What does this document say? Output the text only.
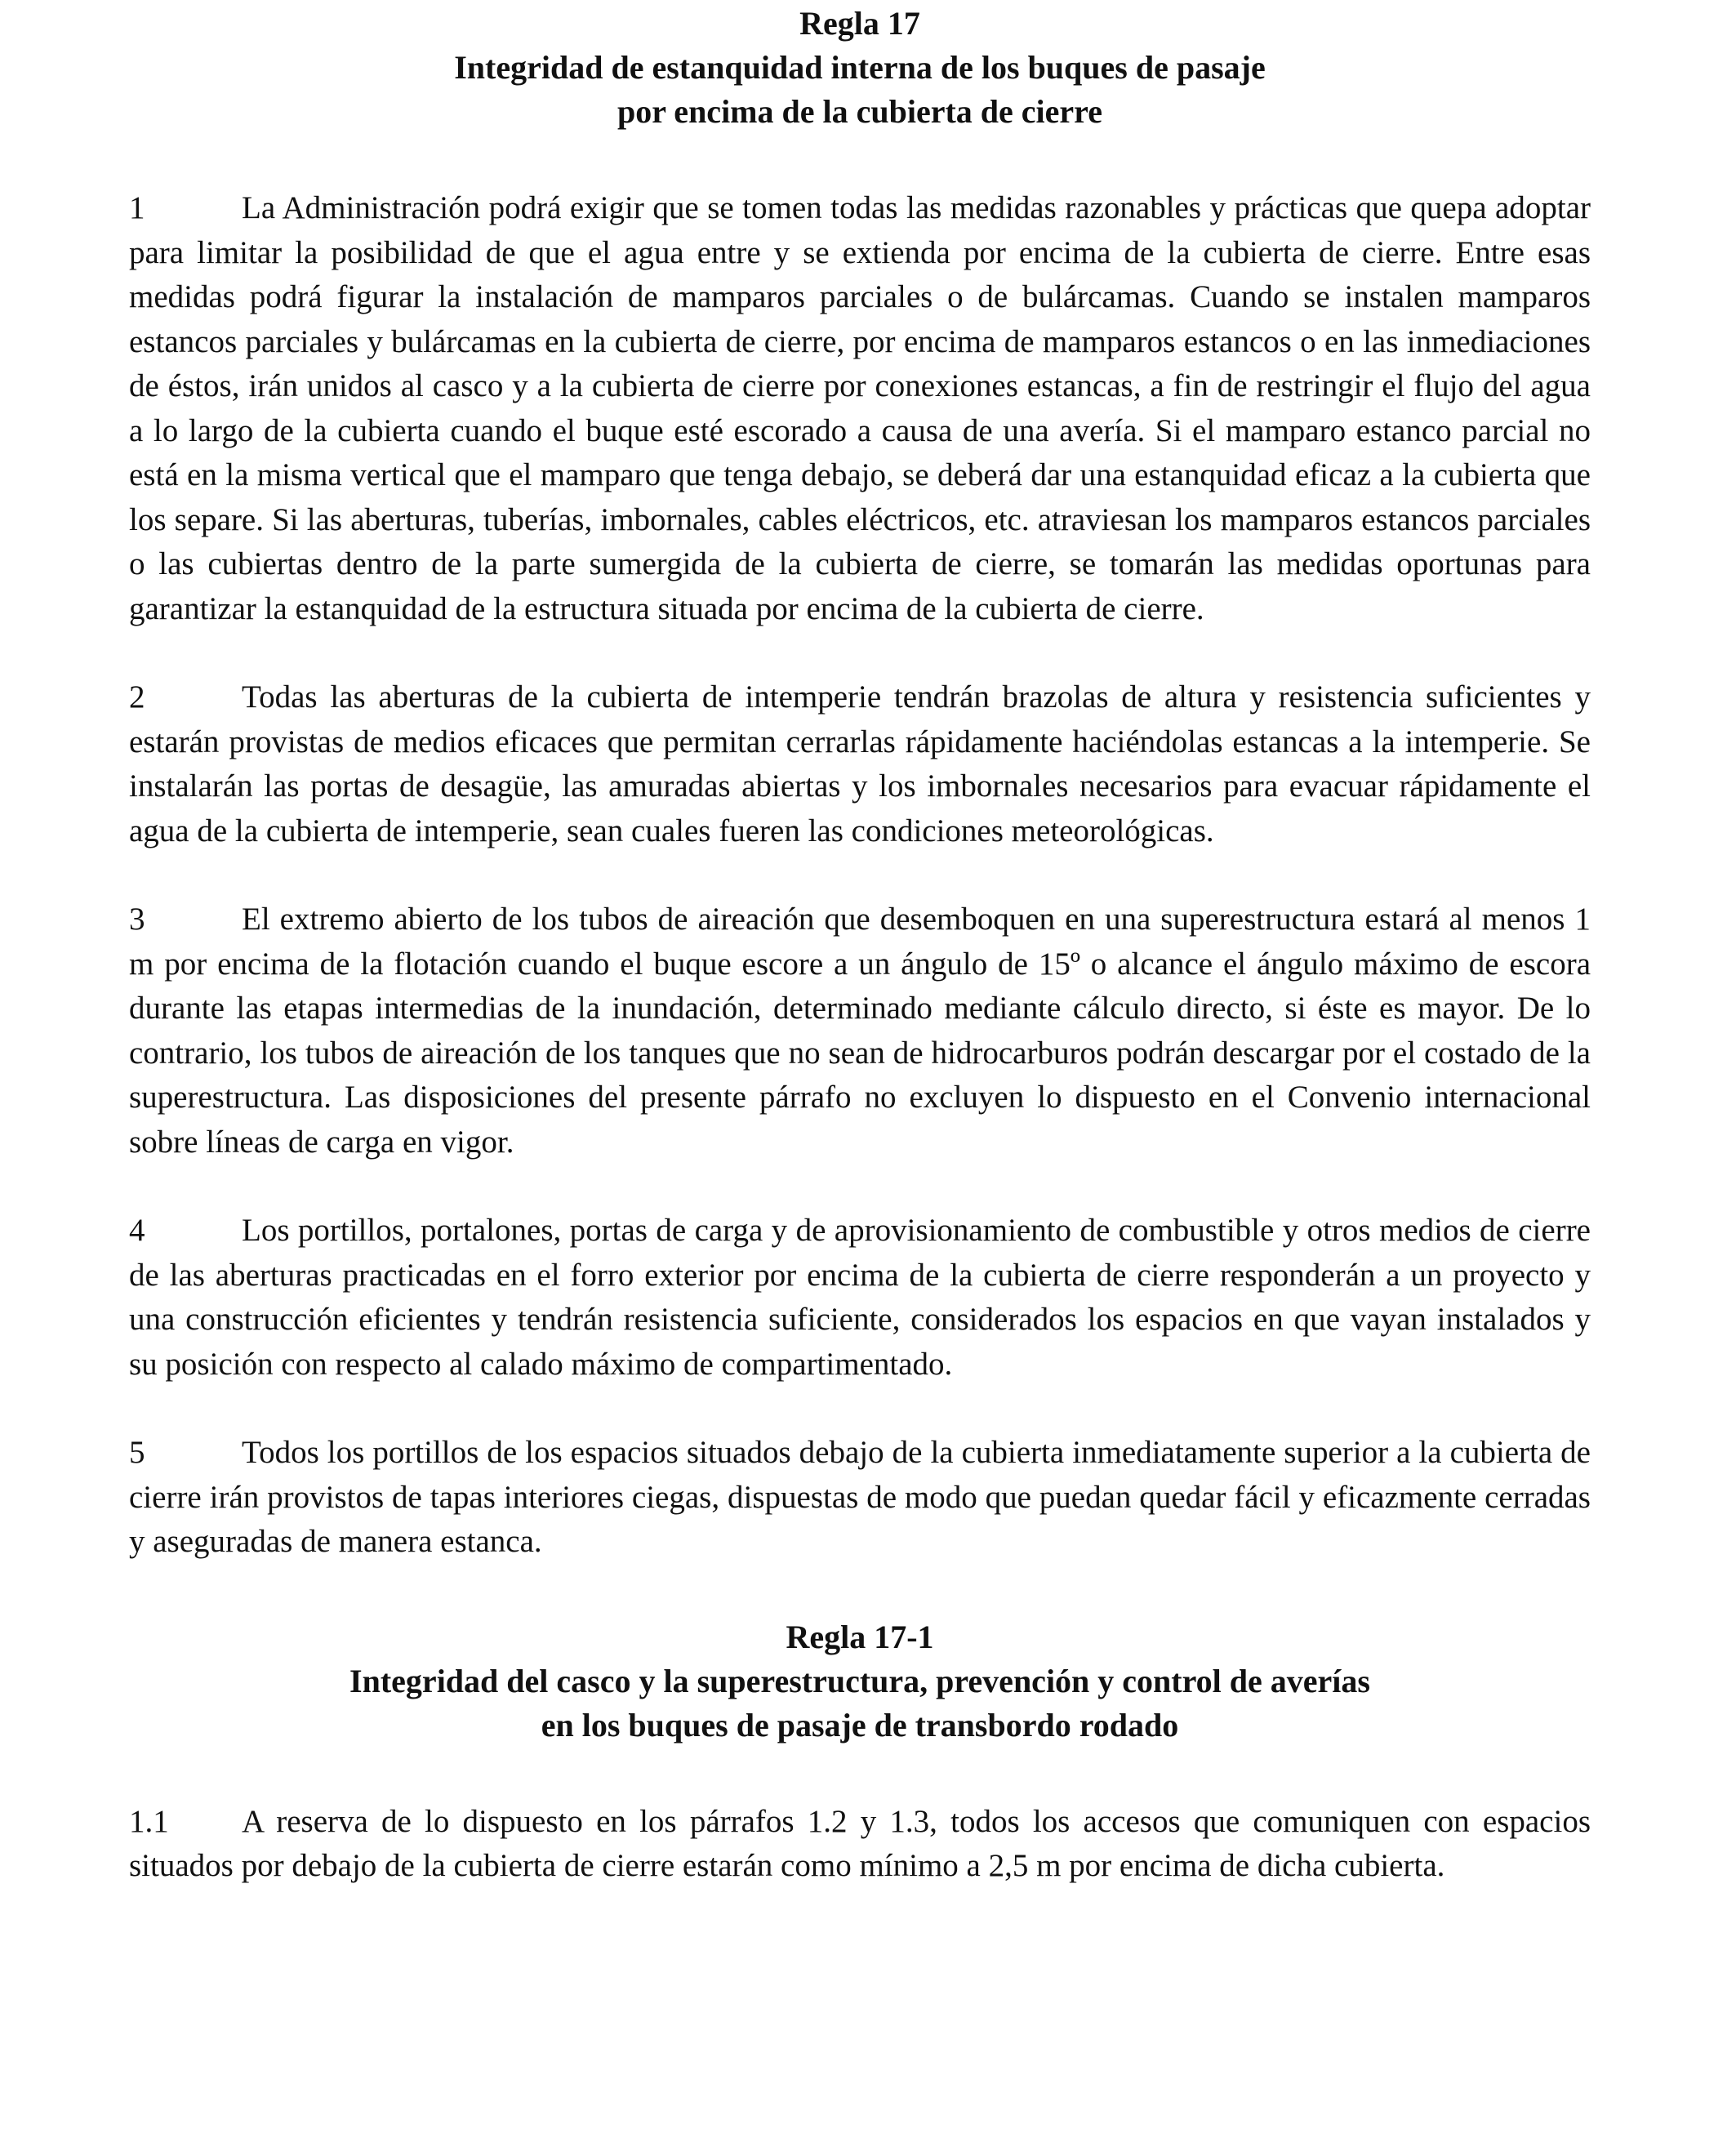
Regla 17

Integridad de estanquidad interna de los buques de pasaje

por encima de la cubierta de cierre

1	La Administración podrá exigir que se tomen todas las medidas razonables y prácticas que quepa adoptar para limitar la posibilidad de que el agua entre y se extienda por encima de la cubierta de cierre. Entre esas medidas podrá figurar la instalación de mamparos parciales o de bulárcamas. Cuando se instalen mamparos estancos parciales y bulárcamas en la cubierta de cierre, por encima de mamparos estancos o en las inmediaciones de éstos, irán unidos al casco y a la cubierta de cierre por conexiones estancas, a fin de restringir el flujo del agua a lo largo de la cubierta cuando el buque esté escorado a causa de una avería. Si el mamparo estanco parcial no está en la misma vertical que el mamparo que tenga debajo, se deberá dar una estanquidad eficaz a la cubierta que los separe. Si las aberturas, tuberías, imbornales, cables eléctricos, etc. atraviesan los mamparos estancos parciales o las cubiertas dentro de la parte sumergida de la cubierta de cierre, se tomarán las medidas oportunas para garantizar la estanquidad de la estructura situada por encima de la cubierta de cierre.

2	Todas las aberturas de la cubierta de intemperie tendrán brazolas de altura y resistencia suficientes y estarán provistas de medios eficaces que permitan cerrarlas rápidamente haciéndolas estancas a la intemperie. Se instalarán las portas de desagüe, las amuradas abiertas y los imbornales necesarios para evacuar rápidamente el agua de la cubierta de intemperie, sean cuales fueren las condiciones meteorológicas.

3	El extremo abierto de los tubos de aireación que desemboquen en una superestructura estará al menos 1 m por encima de la flotación cuando el buque escore a un ángulo de 15º o alcance el ángulo máximo de escora durante las etapas intermedias de la inundación, determinado mediante cálculo directo, si éste es mayor. De lo contrario, los tubos de aireación de los tanques que no sean de hidrocarburos podrán descargar por el costado de la superestructura. Las disposiciones del presente párrafo no excluyen lo dispuesto en el Convenio internacional sobre líneas de carga en vigor.

4	Los portillos, portalones, portas de carga y de aprovisionamiento de combustible y otros medios de cierre de las aberturas practicadas en el forro exterior por encima de la cubierta de cierre responderán a un proyecto y una construcción eficientes y tendrán resistencia suficiente, considerados los espacios en que vayan instalados y su posición con respecto al calado máximo de compartimentado.

5	Todos los portillos de los espacios situados debajo de la cubierta inmediatamente superior a la cubierta de cierre irán provistos de tapas interiores ciegas, dispuestas de modo que puedan quedar fácil y eficazmente cerradas y aseguradas de manera estanca.

Regla 17-1

Integridad del casco y la superestructura, prevención y control de averías

en los buques de pasaje de transbordo rodado

1.1 A reserva de lo dispuesto en los párrafos 1.2 y 1.3, todos los accesos que comuniquen con espacios situados por debajo de la cubierta de cierre estarán como mínimo a 2,5 m por encima de dicha cubierta.
